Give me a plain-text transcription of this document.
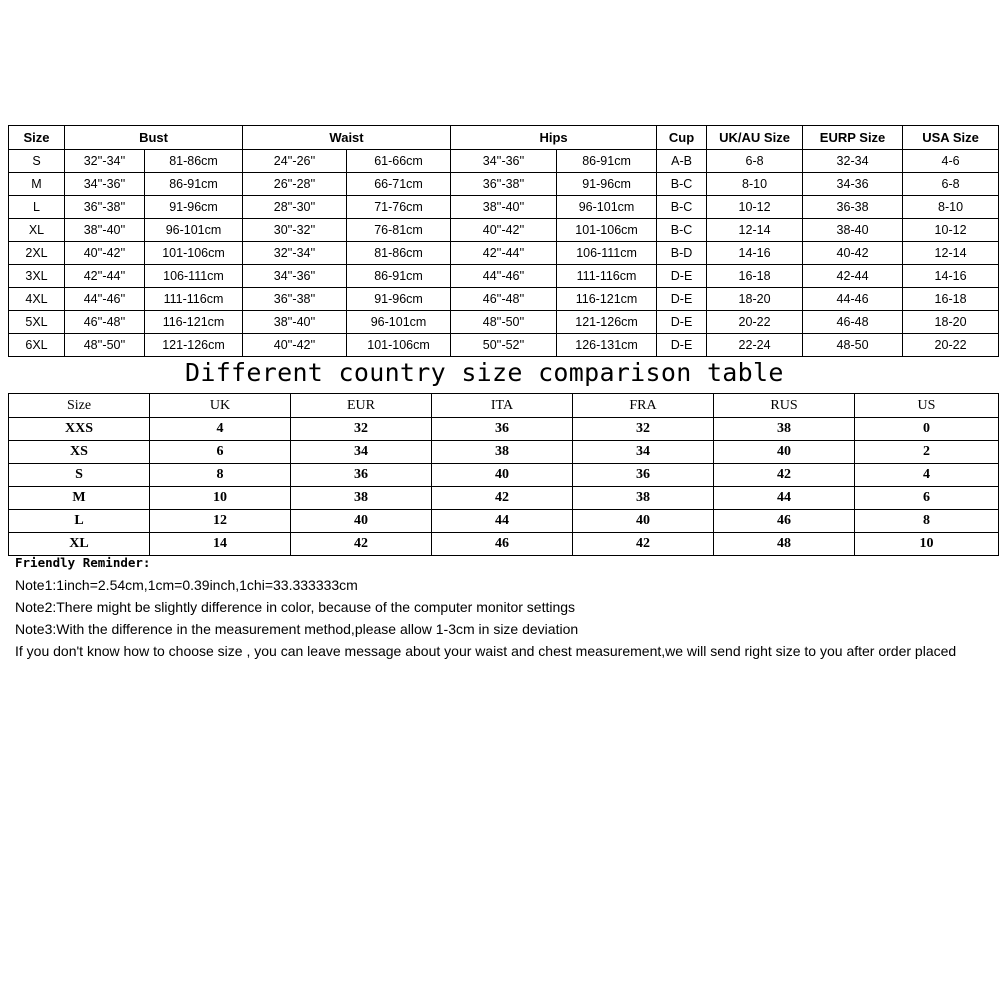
Size	Bust		Waist		Hips		Cup	UK/AU Size	EURP Size	USA Size
S	32''-34''	81-86cm	24''-26''	61-66cm	34''-36''	86-91cm	A-B	6-8	32-34	4-6
M	34''-36''	86-91cm	26''-28''	66-71cm	36''-38''	91-96cm	B-C	8-10	34-36	6-8
L	36''-38''	91-96cm	28''-30''	71-76cm	38''-40''	96-101cm	B-C	10-12	36-38	8-10
XL	38''-40''	96-101cm	30''-32''	76-81cm	40''-42''	101-106cm	B-C	12-14	38-40	10-12
2XL	40''-42''	101-106cm	32''-34''	81-86cm	42''-44''	106-111cm	B-D	14-16	40-42	12-14
3XL	42''-44''	106-111cm	34''-36''	86-91cm	44''-46''	111-116cm	D-E	16-18	42-44	14-16
4XL	44''-46''	111-116cm	36''-38''	91-96cm	46''-48''	116-121cm	D-E	18-20	44-46	16-18
5XL	46''-48''	116-121cm	38''-40''	96-101cm	48''-50''	121-126cm	D-E	20-22	46-48	18-20
6XL	48''-50''	121-126cm	40''-42''	101-106cm	50''-52''	126-131cm	D-E	22-24	48-50	20-22
Different country size comparison table
Size	UK	EUR	ITA	FRA	RUS	US
XXS	4	32	36	32	38	0
XS	6	34	38	34	40	2
S	8	36	40	36	42	4
M	10	38	42	38	44	6
L	12	40	44	40	46	8
XL	14	42	46	42	48	10
Friendly Reminder:
Note1:1inch=2.54cm,1cm=0.39inch,1chi=33.333333cm
Note2:There might be slightly difference in color, because of the computer monitor settings
Note3:With the difference in the measurement method,please allow 1-3cm in size deviation
If you don't know how to choose size , you can leave message about your waist and chest measurement,we will send right size to you after order placed
